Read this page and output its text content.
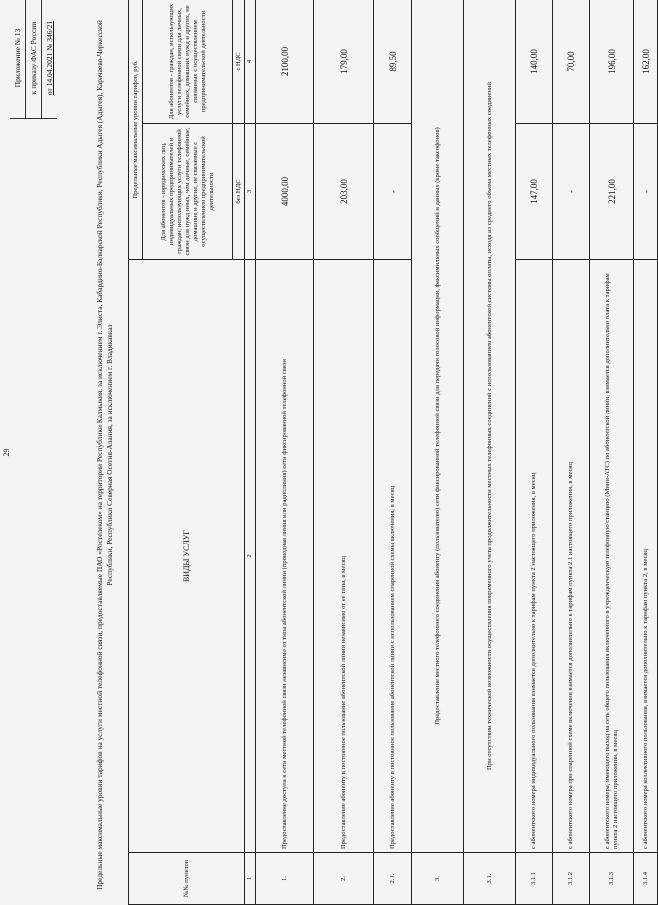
29
Приложение № 13 к приказу ФАС России от 14.04.2021 № 346/21	Предельные максимальные уровни тарифов на услуги местной телефонной связи, предоставляемые ПАО «Ростелеком» на территории Республики Калмыкия, за исключением г. Элиста, Кабардино-Балкарской Республики, Республики Адыгея (Адыгея), Карачаево-Черкесской Республики, Республики Северная Осетия-Алания, за исключением г. Владикавказ
№№ пунктов	ВИДЫ УСЛУГ	Предельные максимальные уровни тарифов, руб.	
		Для абонентов - юридических лиц, индивидуальных предпринимателей и граждан, использующих услуги телефонной связи для нужд иных, чем личные, семейные, домашние и другие, не связанные с осуществлением предпринимательской деятельности	Для абонентов - граждан, использующих услуги телефонной связи для личных, семейных, домашних нужд и других, не связанных с осуществлением предпринимательской деятельности
		без НДС	с НДС
1	2	3	4
1.	Предоставление доступа к сети местной телефонной связи независимо от типа абонентской линии (проводная линия или радиолиния) сети фиксированной телефонной связи	4000,00	2100,00
2.	Предоставление абоненту в постоянное пользование абонентской линии независимо от ее типа, в месяц	203,00	179,00
2.1.	Предоставление абоненту в постоянное пользование абонентской линии с использованием спаренной схемы включения, в месяц	-	89,50
3.	Предоставление местного телефонного соединения абоненту (пользователю) сети фиксированной телефонной связи для передачи голосовой информации, факсимильных сообщений и данных (кроме таксофонов)		
3.1.	При отсутствии технической возможности осуществления повременного учета продолжительности местных телефонных соединений с использованием абонентской системы оплаты, исходя из среднего объема местных телефонных соединений		
3.1.1	с абонентского номера индивидуального пользования взимается дополнительно к тарифам пункта 2 настоящего приложения, в месяц	147,00	140,00
3.1.2	с абонентского номера при спаренной схеме включения взимается дополнительно к тарифам пункта 2.1 настоящего приложения, в месяц	-	70,00
3.1.3	с абонентского номера, имеющего выход на сеть общего пользования включенного в учрежденческую телефонную станцию (Мини-АТС) по абонентской линии, взимается дополнительно плата к тарифам пункта 2 настоящего приложения, в месяц	221,00	196,00
3.1.4	с абонентского номера коллективного пользования, взимается дополнительно к тарифам пункта 2, в месяц	-	162,00
